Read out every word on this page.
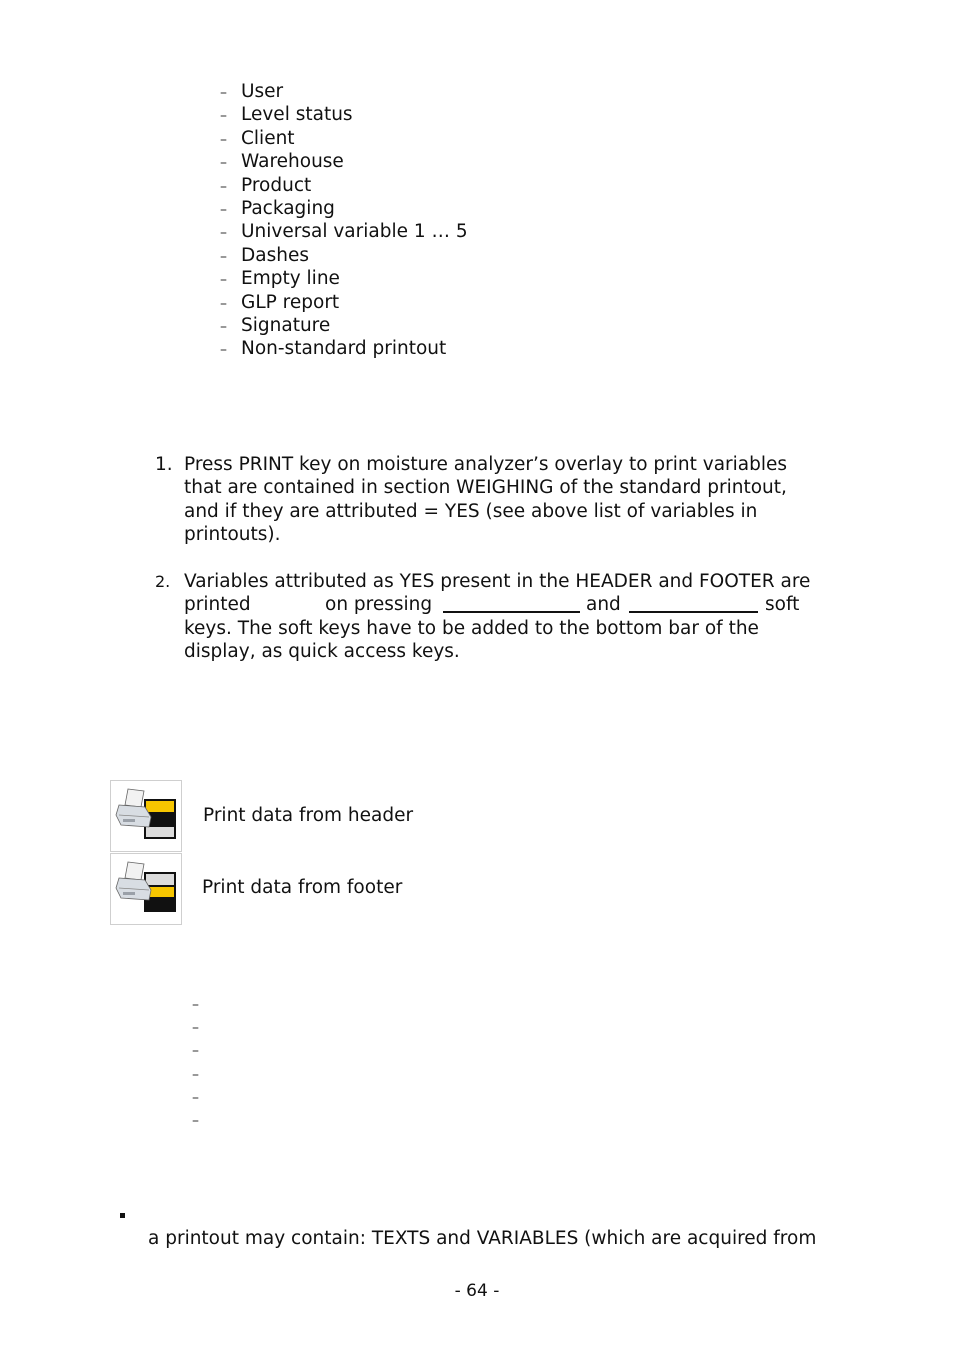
– User
– Level status
– Client
– Warehouse
– Product
– Packaging
– Universal variable 1 … 5
– Dashes
– Empty line
– GLP report
– Signature
– Non-standard printout
1. Press PRINT key on moisture analyzer’s overlay to print variables
that are contained in section WEIGHING of the standard printout,
and if they are attributed = YES (see above list of variables in
printouts).
2. Variables attributed as YES present in the HEADER and FOOTER are
printed	on pressing	and	soft
keys. The soft keys have to be added to the bottom bar of the
display, as quick access keys.
Print data from header
Print data from footer
–
–
–
–
–
–
a printout may contain: TEXTS and VARIABLES (which are acquired from
- 64 -
